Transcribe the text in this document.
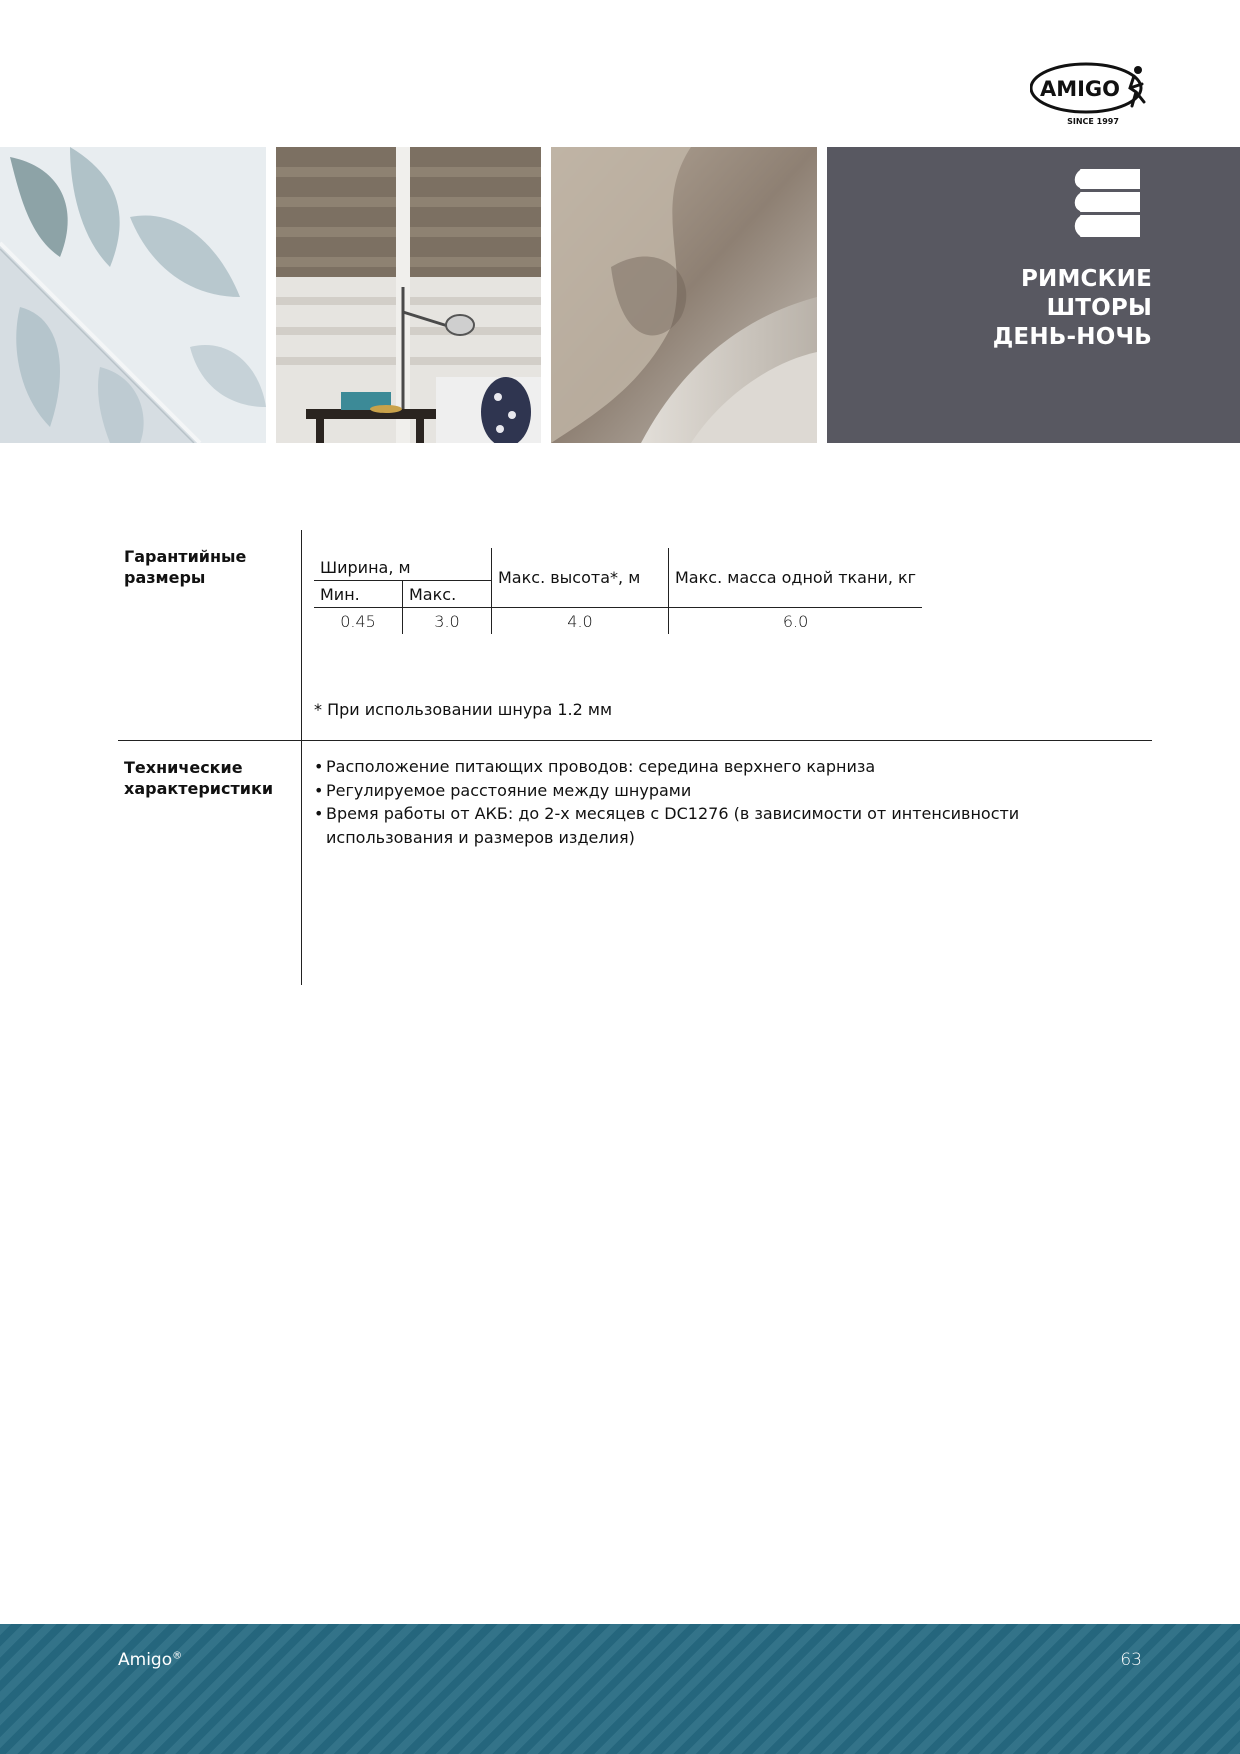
AMIGO
SINCE 1997
РИМСКИЕ
ШТОРЫ
ДЕНЬ-НОЧЬ
Гарантийные
размеры
Ширина, м		Макс. высота*, м	Макс. масса одной ткани, кг
Мин.	Макс.		
0.45	3.0	4.0	6.0
* При использовании шнура 1.2 мм
Технические
характеристики
• Расположение питающих проводов: середина верхнего карниза
• Регулируемое расстояние между шнурами
• Время работы от АКБ: до 2-х месяцев с DC1276 (в зависимости от интенсивности использования и размеров изделия)
Amigo®	63
